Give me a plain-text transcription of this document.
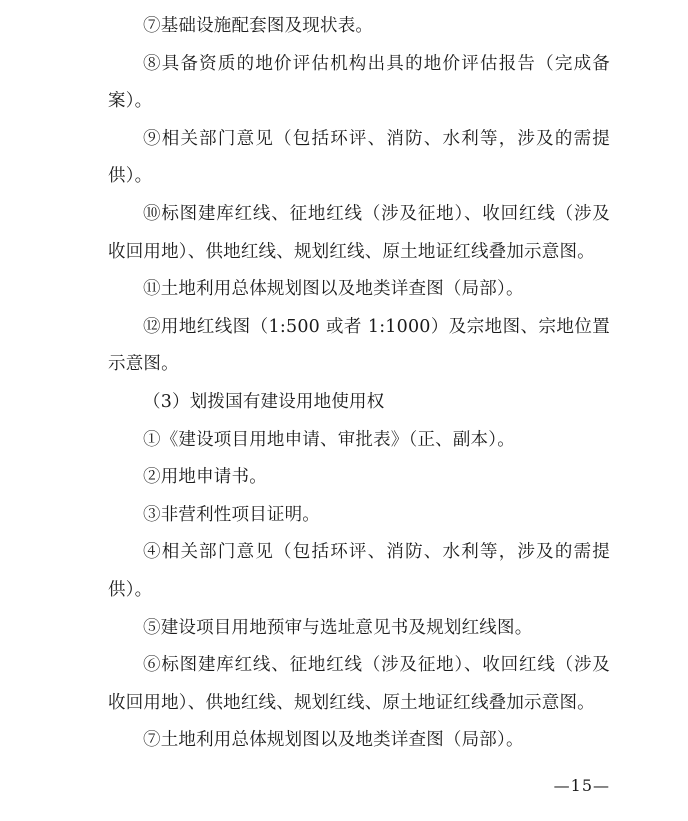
⑦基础设施配套图及现状表。

⑧具备资质的地价评估机构出具的地价评估报告（完成备案）。

⑨相关部门意见（包括环评、消防、水利等，涉及的需提供）。

⑩标图建库红线、征地红线（涉及征地）、收回红线（涉及收回用地）、供地红线、规划红线、原土地证红线叠加示意图。

⑪土地利用总体规划图以及地类详查图（局部）。

⑫用地红线图（1:500 或者 1:1000）及宗地图、宗地位置示意图。

（3）划拨国有建设用地使用权

①《建设项目用地申请、审批表》（正、副本）。

②用地申请书。

③非营利性项目证明。

④相关部门意见（包括环评、消防、水利等，涉及的需提供）。

⑤建设项目用地预审与选址意见书及规划红线图。

⑥标图建库红线、征地红线（涉及征地）、收回红线（涉及收回用地）、供地红线、规划红线、原土地证红线叠加示意图。

⑦土地利用总体规划图以及地类详查图（局部）。

—15—
